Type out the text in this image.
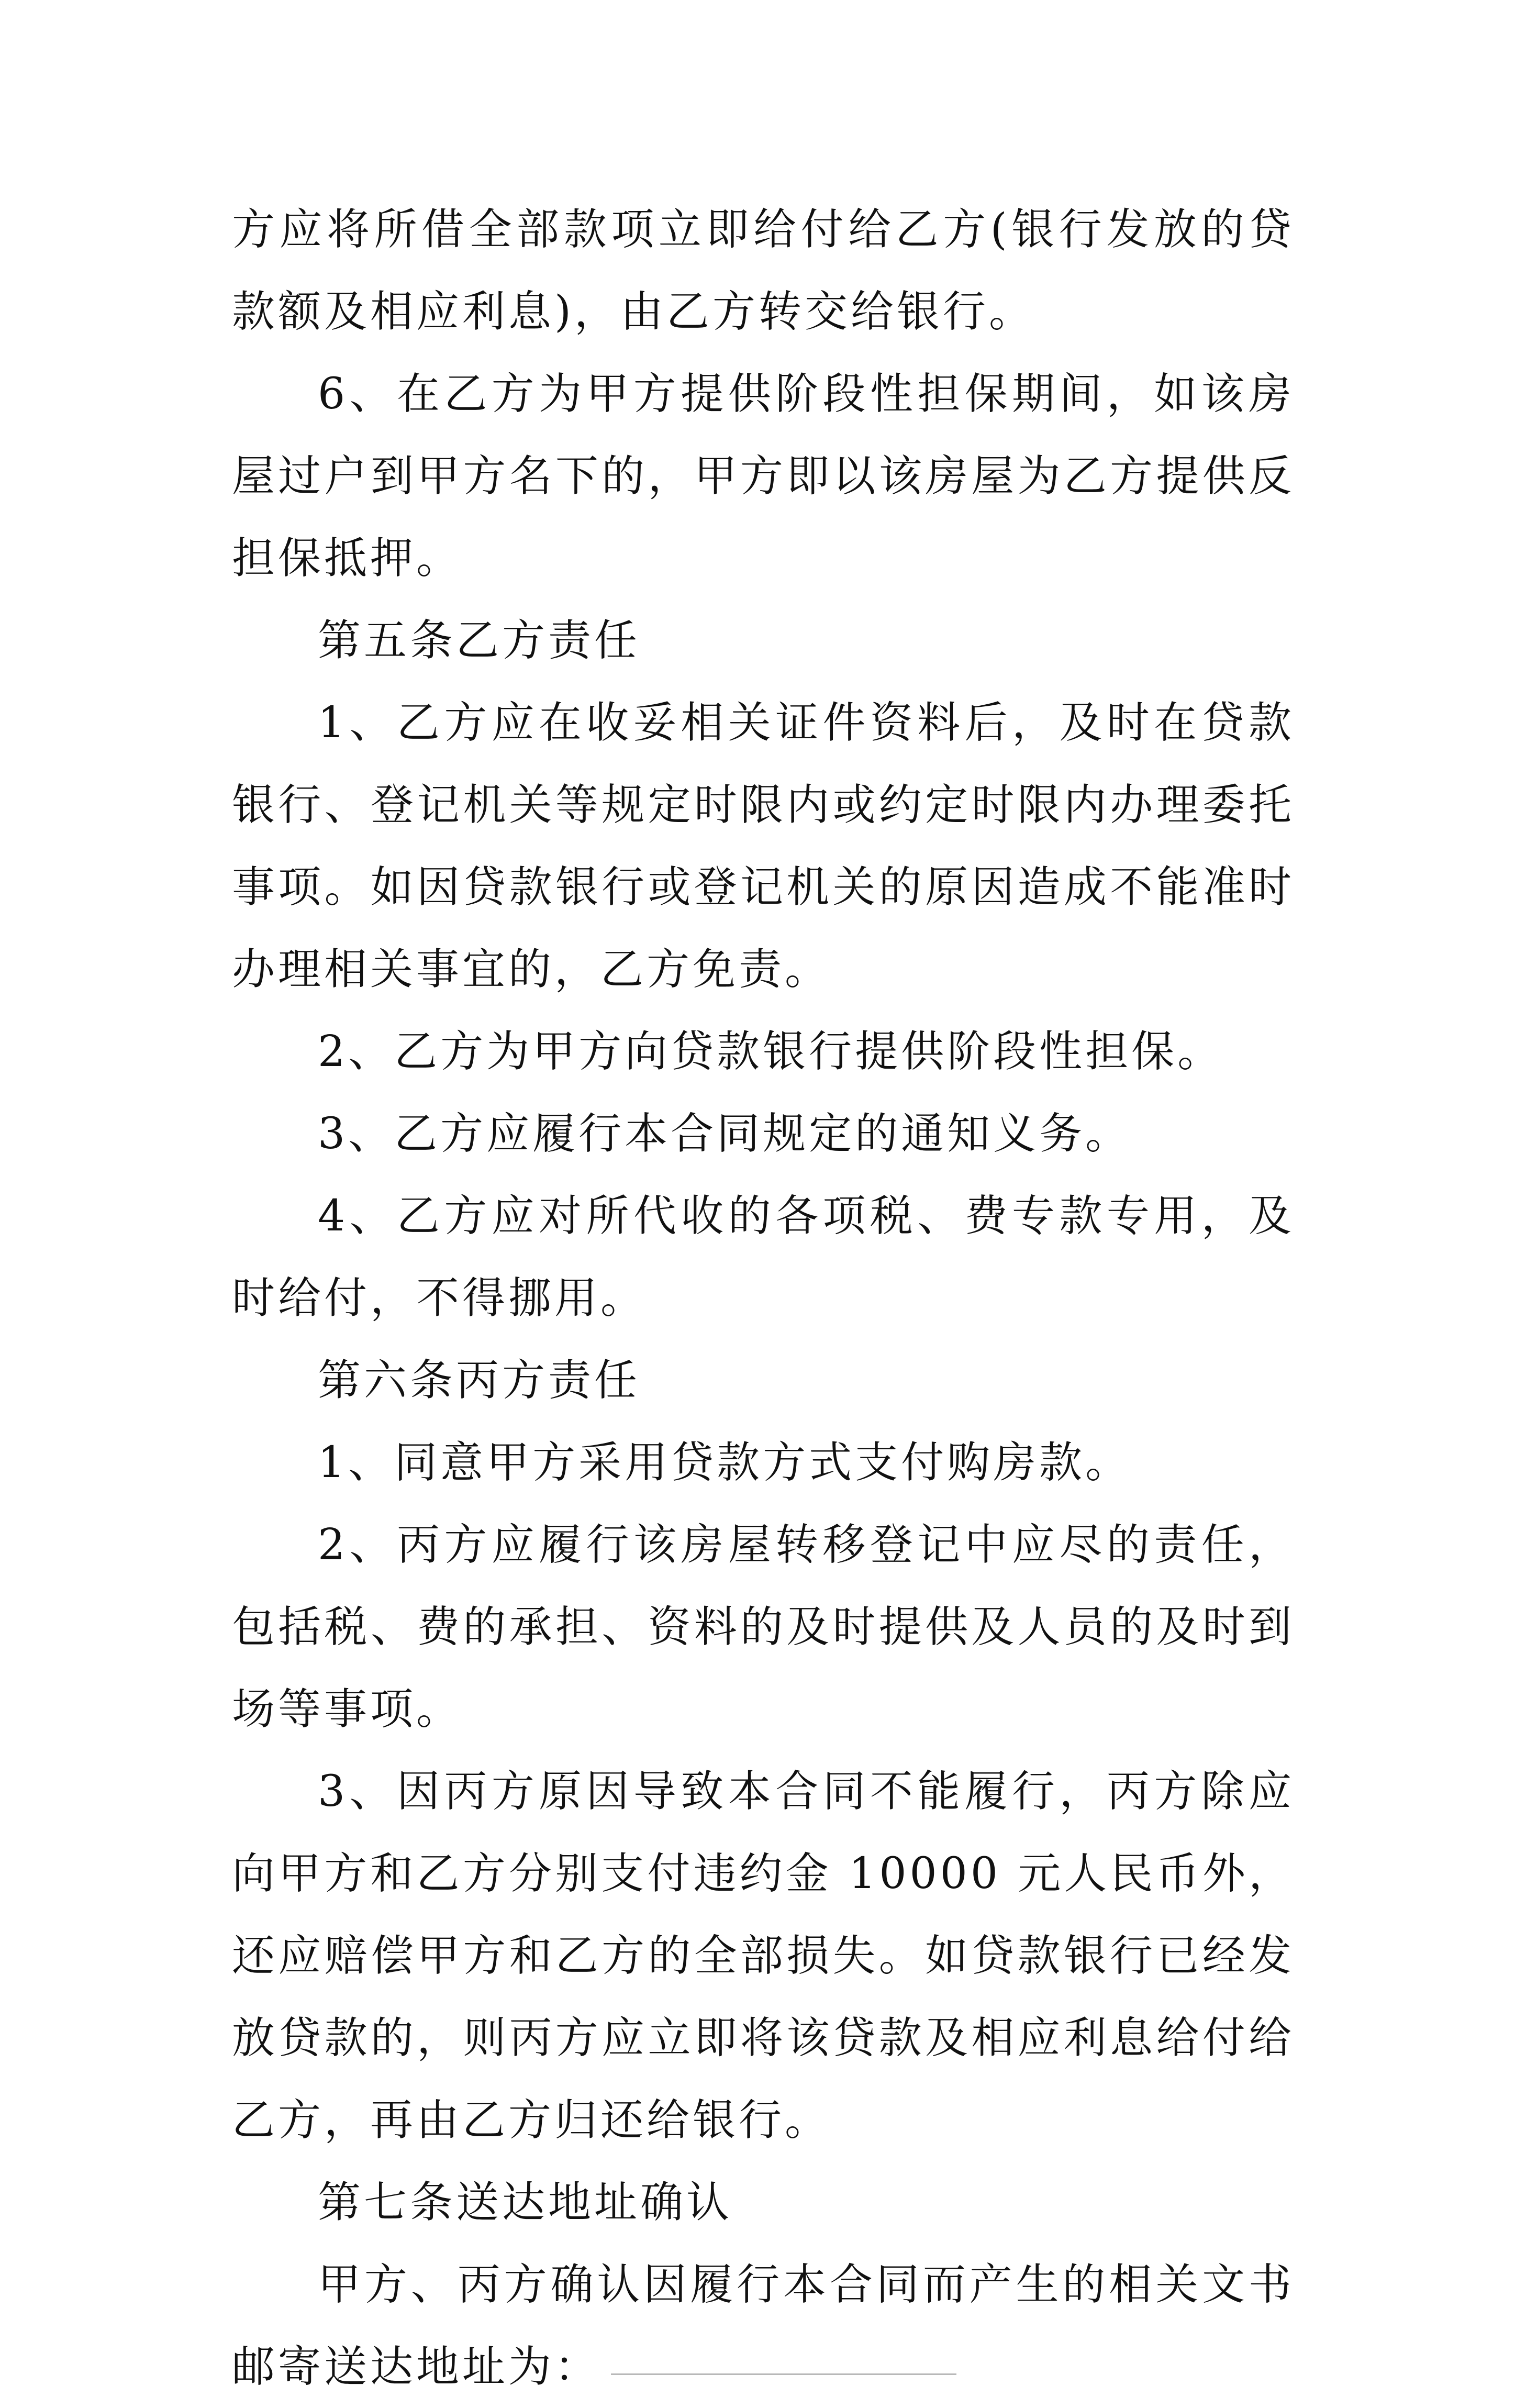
方应将所借全部款项立即给付给乙方(银行发放的贷款额及相应利息)，由乙方转交给银行。

6、在乙方为甲方提供阶段性担保期间，如该房屋过户到甲方名下的，甲方即以该房屋为乙方提供反担保抵押。

第五条乙方责任

1、乙方应在收妥相关证件资料后，及时在贷款银行、登记机关等规定时限内或约定时限内办理委托事项。如因贷款银行或登记机关的原因造成不能准时办理相关事宜的，乙方免责。

2、乙方为甲方向贷款银行提供阶段性担保。

3、乙方应履行本合同规定的通知义务。

4、乙方应对所代收的各项税、费专款专用，及时给付，不得挪用。

第六条丙方责任

1、同意甲方采用贷款方式支付购房款。

2、丙方应履行该房屋转移登记中应尽的责任，包括税、费的承担、资料的及时提供及人员的及时到场等事项。

3、因丙方原因导致本合同不能履行，丙方除应向甲方和乙方分别支付违约金 10000 元人民币外，还应赔偿甲方和乙方的全部损失。如贷款银行已经发放贷款的，则丙方应立即将该贷款及相应利息给付给乙方，再由乙方归还给银行。

第七条送达地址确认

甲方、丙方确认因履行本合同而产生的相关文书邮寄送达地址为：
